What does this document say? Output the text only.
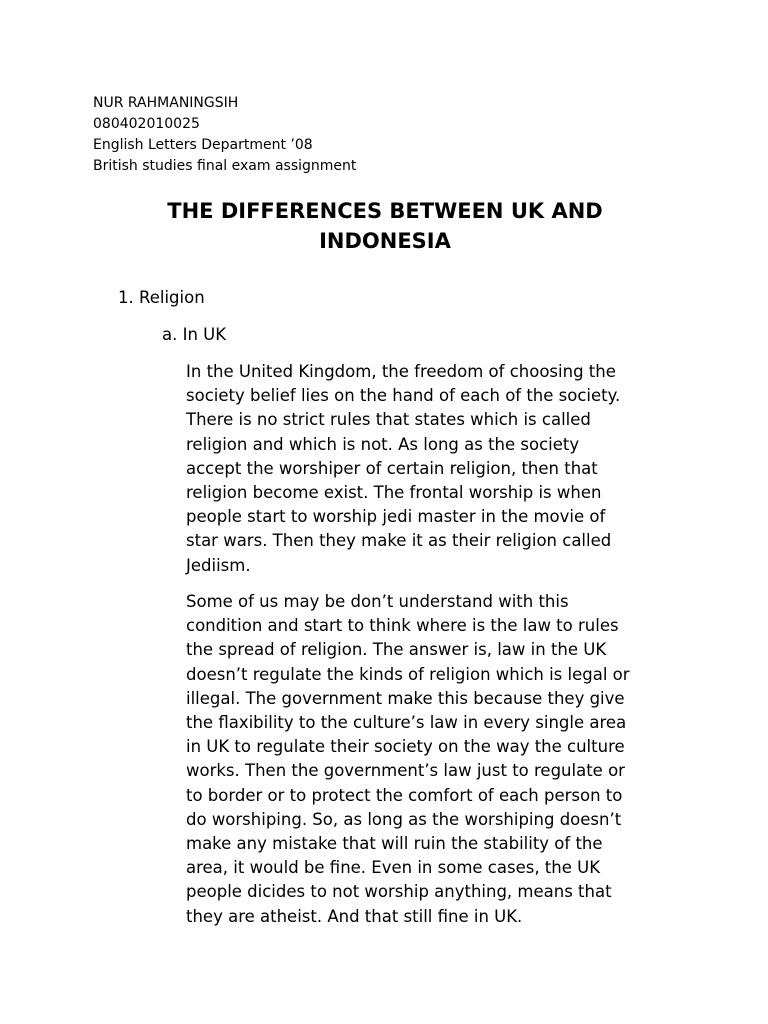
NUR RAHMANINGSIH
080402010025
English Letters Department ’08
British studies final exam assignment
THE DIFFERENCES BETWEEN UK AND
INDONESIA
1. Religion
a. In UK
In the United Kingdom, the freedom of choosing the
society belief lies on the hand of each of the society.
There is no strict rules that states which is called
religion and which is not. As long as the society
accept the worshiper of certain religion, then that
religion become exist. The frontal worship is when
people start to worship jedi master in the movie of
star wars. Then they make it as their religion called
Jediism.
Some of us may be don’t understand with this
condition and start to think where is the law to rules
the spread of religion. The answer is, law in the UK
doesn’t regulate the kinds of religion which is legal or
illegal. The government make this because they give
the flaxibility to the culture’s law in every single area
in UK to regulate their society on the way the culture
works. Then the government’s law just to regulate or
to border or to protect the comfort of each person to
do worshiping. So, as long as the worshiping doesn’t
make any mistake that will ruin the stability of the
area, it would be fine. Even in some cases, the UK
people dicides to not worship anything, means that
they are atheist. And that still fine in UK.
